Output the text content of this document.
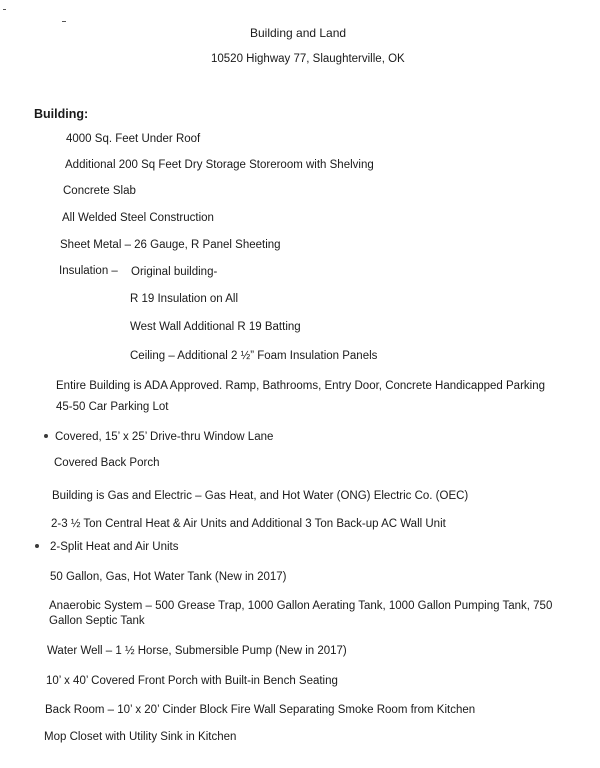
Building and Land
10520 Highway 77, Slaughterville, OK
Building:
4000 Sq. Feet Under Roof
Additional 200 Sq Feet Dry Storage Storeroom with Shelving
Concrete Slab
All Welded Steel Construction
Sheet Metal – 26 Gauge, R Panel Sheeting
Insulation – Original building-
R 19 Insulation on All
West Wall Additional R 19 Batting
Ceiling – Additional 2 ½” Foam Insulation Panels
Entire Building is ADA Approved. Ramp, Bathrooms, Entry Door, Concrete Handicapped Parking
45-50 Car Parking Lot
Covered, 15’ x 25’ Drive-thru Window Lane
Covered Back Porch
Building is Gas and Electric – Gas Heat, and Hot Water (ONG) Electric Co. (OEC)
2-3 ½ Ton Central Heat & Air Units and Additional 3 Ton Back-up AC Wall Unit
2-Split Heat and Air Units
50 Gallon, Gas, Hot Water Tank (New in 2017)
Anaerobic System – 500 Grease Trap, 1000 Gallon Aerating Tank, 1000 Gallon Pumping Tank, 750 Gallon Septic Tank
Water Well – 1 ½ Horse, Submersible Pump (New in 2017)
10’ x 40’ Covered Front Porch with Built-in Bench Seating
Back Room – 10’ x 20’ Cinder Block Fire Wall Separating Smoke Room from Kitchen
Mop Closet with Utility Sink in Kitchen
